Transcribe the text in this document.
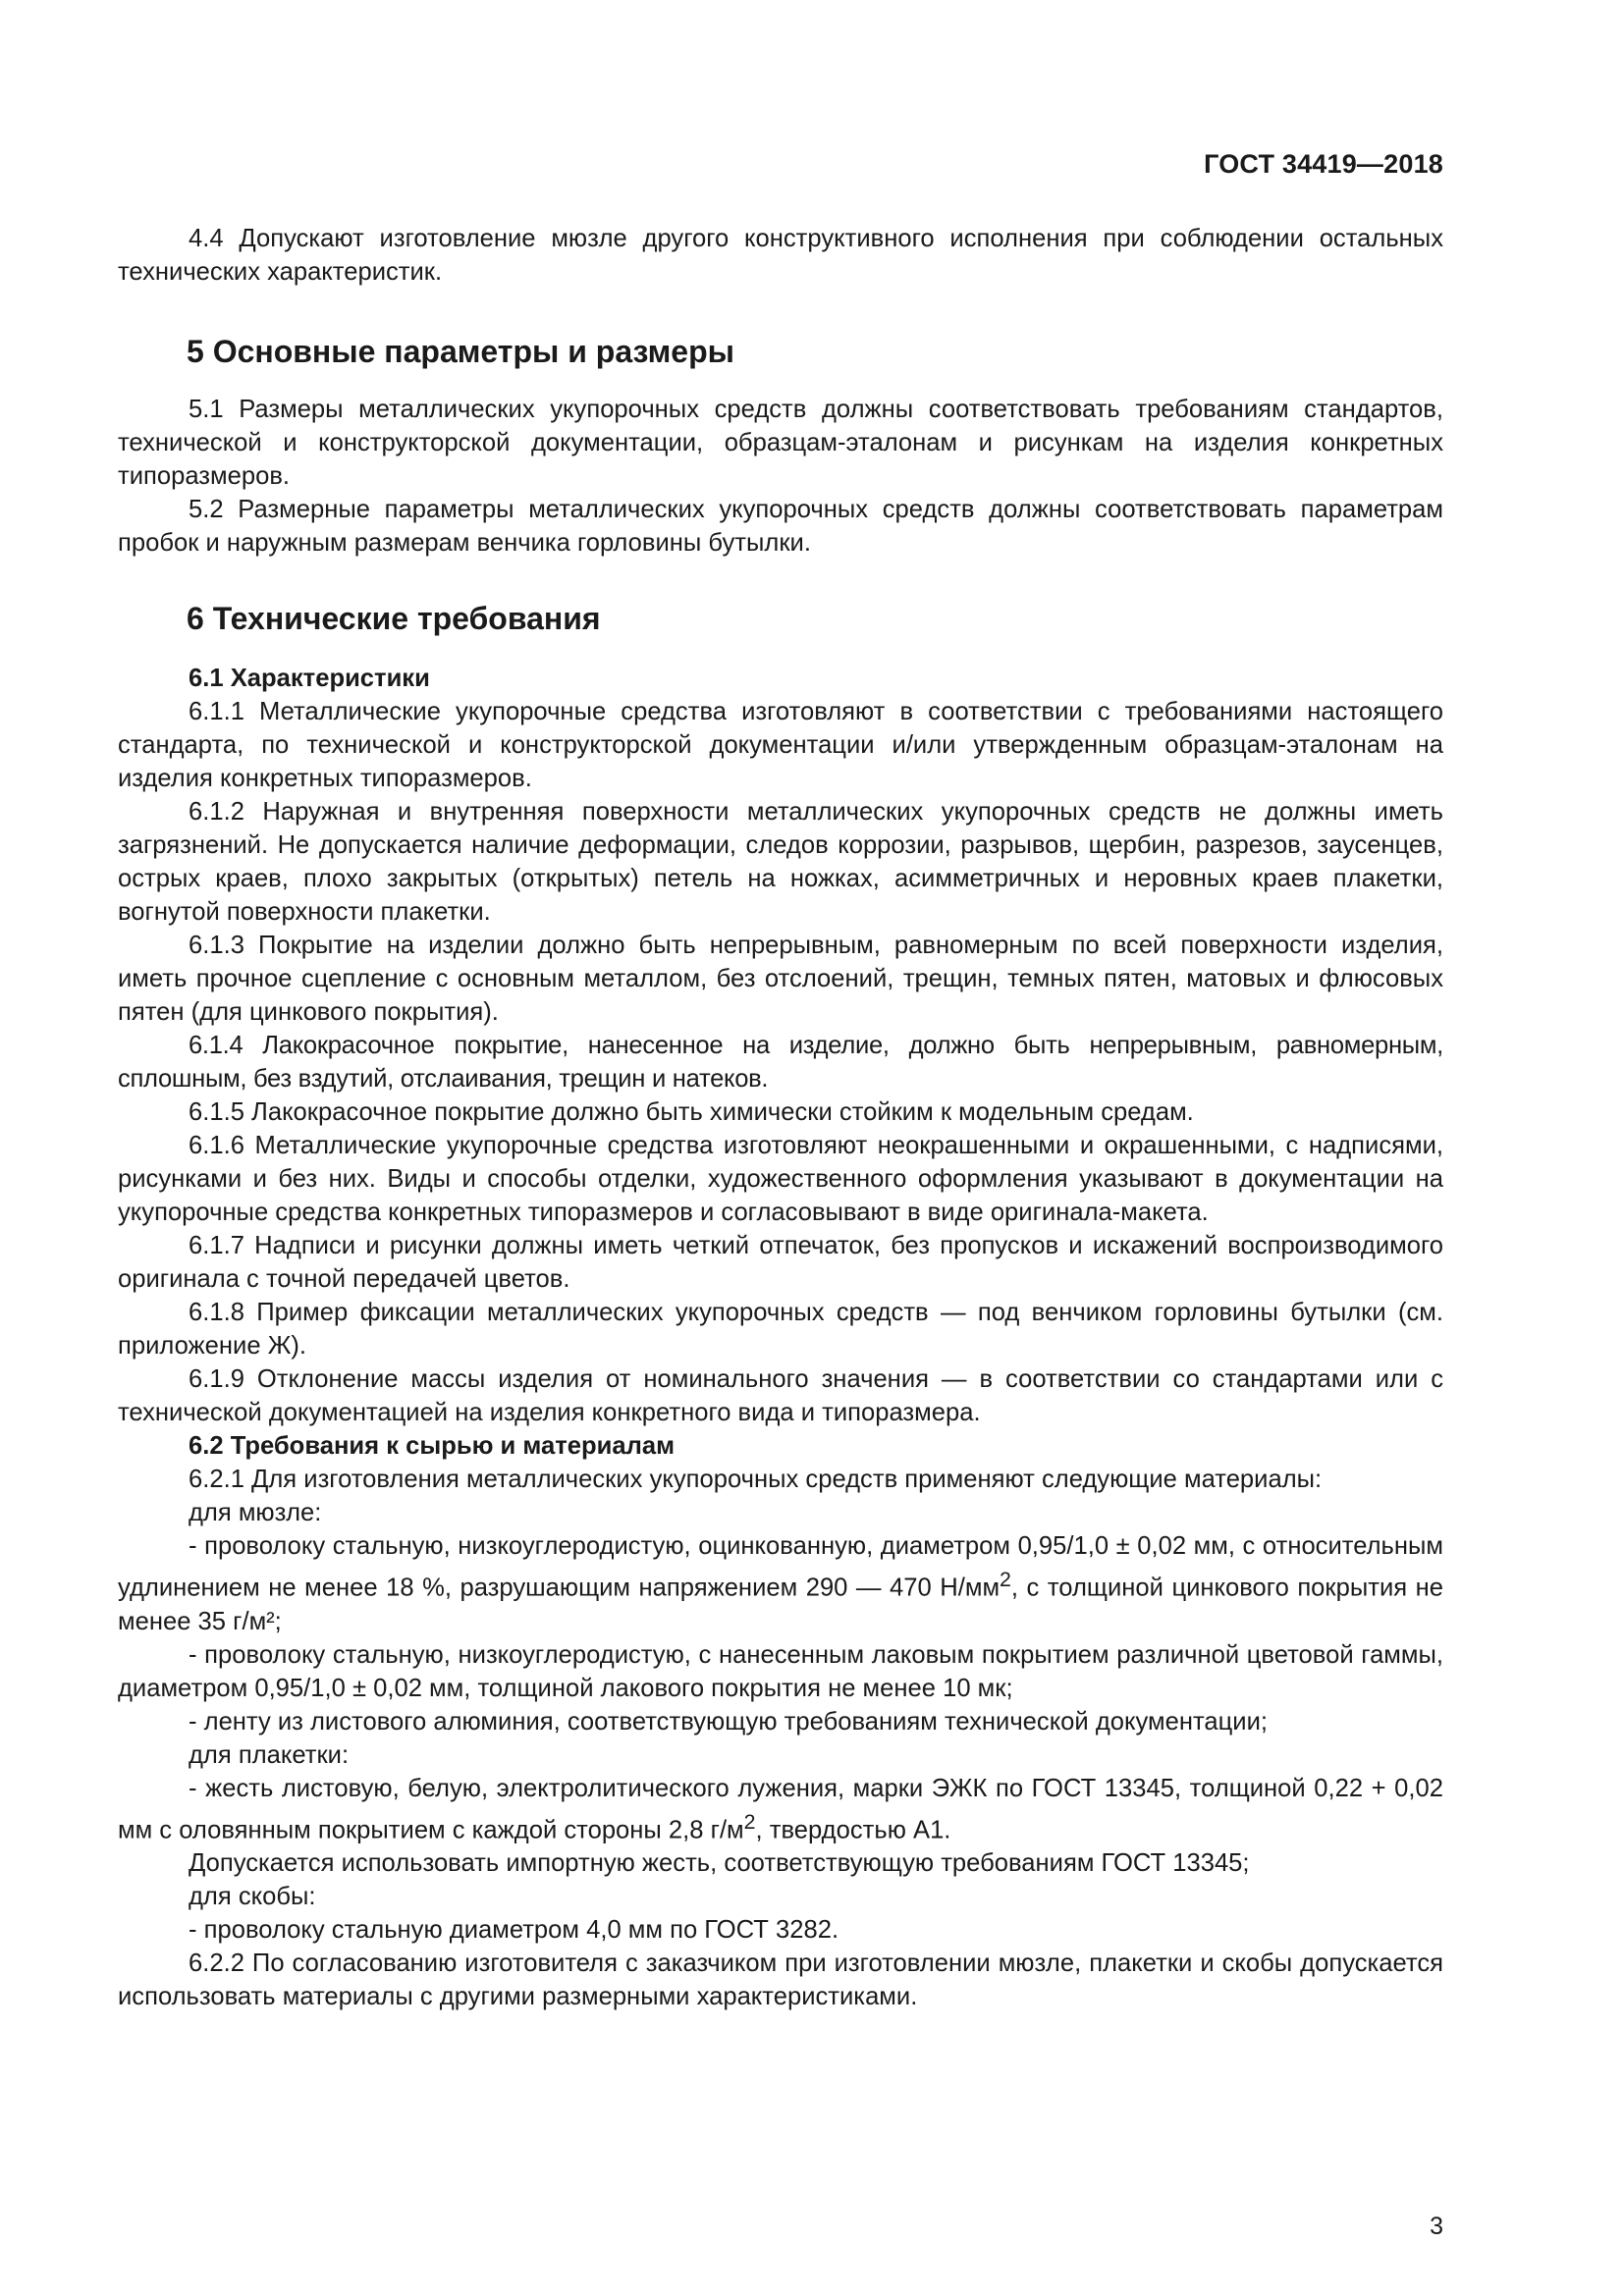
ГОСТ 34419—2018

4.4 Допускают изготовление мюзле другого конструктивного исполнения при соблюдении остальных технических характеристик.

5 Основные параметры и размеры

5.1 Размеры металлических укупорочных средств должны соответствовать требованиям стандартов, технической и конструкторской документации, образцам-эталонам и рисункам на изделия конкретных типоразмеров.

5.2 Размерные параметры металлических укупорочных средств должны соответствовать параметрам пробок и наружным размерам венчика горловины бутылки.

6 Технические требования

6.1 Характеристики

6.1.1 Металлические укупорочные средства изготовляют в соответствии с требованиями настоящего стандарта, по технической и конструкторской документации и/или утвержденным образцам-эталонам на изделия конкретных типоразмеров.

6.1.2 Наружная и внутренняя поверхности металлических укупорочных средств не должны иметь загрязнений. Не допускается наличие деформации, следов коррозии, разрывов, щербин, разрезов, заусенцев, острых краев, плохо закрытых (открытых) петель на ножках, асимметричных и неровных краев плакетки, вогнутой поверхности плакетки.

6.1.3 Покрытие на изделии должно быть непрерывным, равномерным по всей поверхности изделия, иметь прочное сцепление с основным металлом, без отслоений, трещин, темных пятен, матовых и флюсовых пятен (для цинкового покрытия).

6.1.4 Лакокрасочное покрытие, нанесенное на изделие, должно быть непрерывным, равномерным, сплошным, без вздутий, отслаивания, трещин и натеков.

6.1.5 Лакокрасочное покрытие должно быть химически стойким к модельным средам.

6.1.6 Металлические укупорочные средства изготовляют неокрашенными и окрашенными, с надписями, рисунками и без них. Виды и способы отделки, художественного оформления указывают в документации на укупорочные средства конкретных типоразмеров и согласовывают в виде оригинала-макета.

6.1.7 Надписи и рисунки должны иметь четкий отпечаток, без пропусков и искажений воспроизводимого оригинала с точной передачей цветов.

6.1.8 Пример фиксации металлических укупорочных средств — под венчиком горловины бутылки (см. приложение Ж).

6.1.9 Отклонение массы изделия от номинального значения — в соответствии со стандартами или с технической документацией на изделия конкретного вида и типоразмера.

6.2 Требования к сырью и материалам

6.2.1 Для изготовления металлических укупорочных средств применяют следующие материалы:

для мюзле:

- проволоку стальную, низкоуглеродистую, оцинкованную, диаметром 0,95/1,0 ± 0,02 мм, с относительным удлинением не менее 18 %, разрушающим напряжением 290 — 470 $Н/мм^2$, с толщиной цинкового покрытия не менее 35 г/м²;

- проволоку стальную, низкоуглеродистую, с нанесенным лаковым покрытием различной цветовой гаммы, диаметром 0,95/1,0 ± 0,02 мм, толщиной лакового покрытия не менее 10 мк;

- ленту из листового алюминия, соответствующую требованиям технической документации;

для плакетки:

- жесть листовую, белую, электролитического лужения, марки ЭЖК по ГОСТ 13345, толщиной 0,22 + 0,02 мм с оловянным покрытием с каждой стороны 2,8 $г/м^2$, твердостью А1.

Допускается использовать импортную жесть, соответствующую требованиям ГОСТ 13345;

для скобы:

- проволоку стальную диаметром 4,0 мм по ГОСТ 3282.

6.2.2 По согласованию изготовителя с заказчиком при изготовлении мюзле, плакетки и скобы допускается использовать материалы с другими размерными характеристиками.

3
